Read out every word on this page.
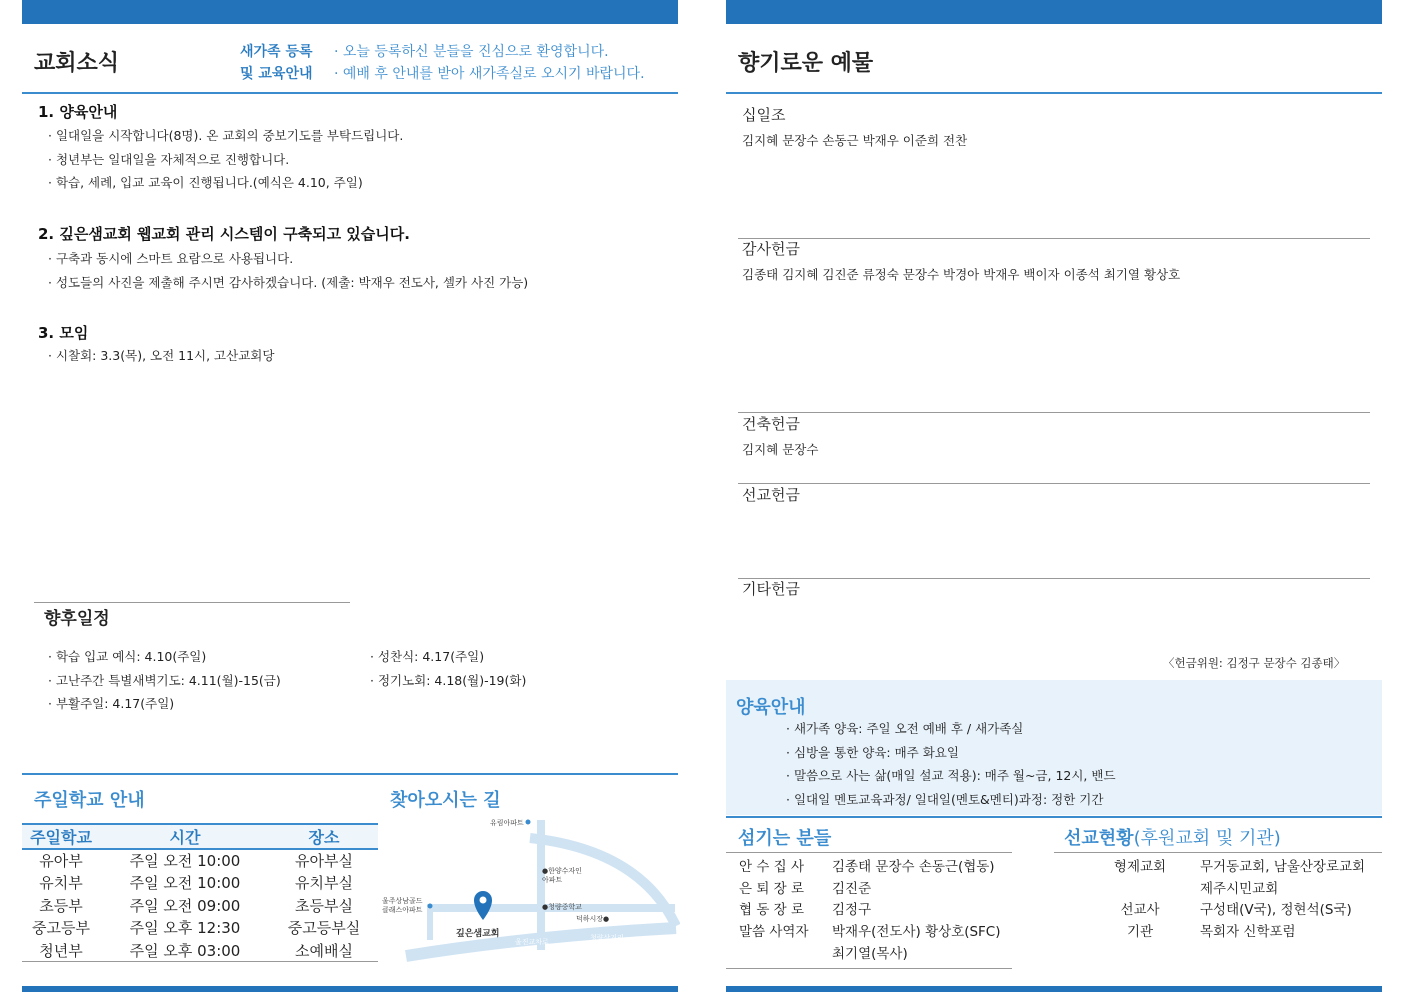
교회소식	새가족 등록
및 교육안내
· 오늘 등록하신 분들을 진심으로 환영합니다.
· 예배 후 안내를 받아 새가족실로 오시기 바랍니다.
1. 양육안내
· 일대일을 시작합니다(8명). 온 교회의 중보기도를 부탁드립니다.
· 청년부는 일대일을 자체적으로 진행합니다.
· 학습, 세례, 입교 교육이 진행됩니다.(예식은 4.10, 주일)
2. 깊은샘교회 웹교회 관리 시스템이 구축되고 있습니다.
· 구축과 동시에 스마트 요람으로 사용됩니다.
· 성도들의 사진을 제출해 주시면 감사하겠습니다. (제출: 박재우 전도사, 셀카 사진 가능)
3. 모임
· 시찰회: 3.3(목), 오전 11시, 고산교회당
향후일정
· 학습 입교 예식: 4.10(주일)
· 고난주간 특별새벽기도: 4.11(월)-15(금)
· 부활주일: 4.17(주일)
· 성찬식: 4.17(주일)
· 정기노회: 4.18(월)-19(화)
주일학교 안내
주일학교	시간	장소
유아부	주일 오전 10:00	유아부실
유치부	주일 오전 10:00	유치부실
초등부	주일 오전 09:00	초등부실
중고등부	주일 오후 12:30	중고등부실
청년부	주일 오후 03:00	소예배실
찾아오시는 길
유림아파트
●한양수자인
아파트
●청량중학교
덕하시장●
울주상남골드
클래스아파트
깊은샘교회
울진교차로	청량삼거리
향기로운 예물
십일조
김지혜 문장수 손동근 박재우 이준희 전찬
감사헌금
김종태 김지혜 김진준 류정숙 문장수 박경아 박재우 백이자 이종석 최기열 황상호
건축헌금
김지혜 문장수
선교헌금
기타헌금
〈헌금위원: 김정구 문장수 김종태〉
양육안내
· 새가족 양육: 주일 오전 예배 후 / 새가족실
· 심방을 통한 양육: 매주 화요일
· 말씀으로 사는 삶(매일 설교 적용): 매주 월~금, 12시, 밴드
· 일대일 멘토교육과정/ 일대일(멘토&멘티)과정: 정한 기간
섬기는 분들
안 수 집 사	김종태 문장수 손동근(협동)
은 퇴 장 로	김진준
협 동 장 로	김정구
말씀 사역자	박재우(전도사) 황상호(SFC)
최기열(목사)
선교현황(후원교회 및 기관)
형제교회	무거동교회, 남울산장로교회
제주시민교회
선교사	구성태(V국), 정현석(S국)
기관	목회자 신학포럼
